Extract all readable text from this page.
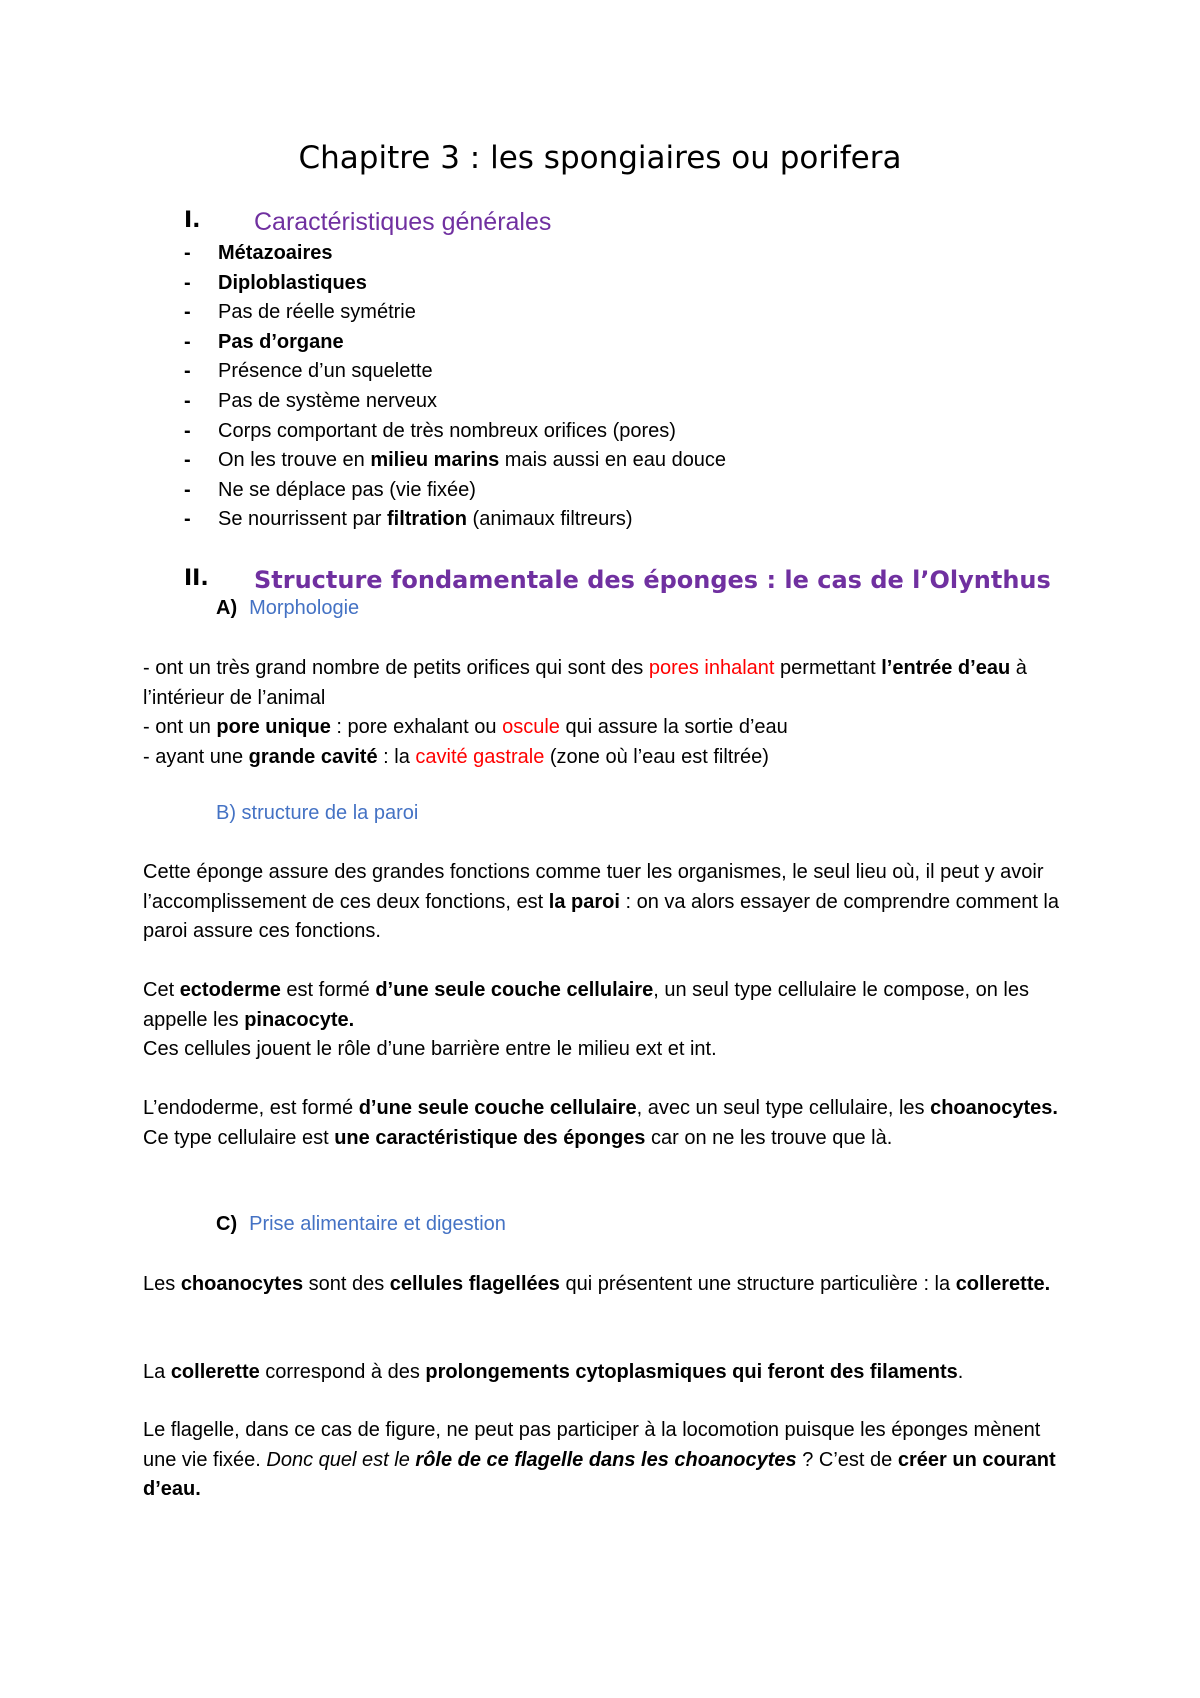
Chapitre 3 : les spongiaires ou porifera
I. Caractéristiques générales
- Métazoaires
- Diploblastiques
- Pas de réelle symétrie
- Pas d’organe
- Présence d’un squelette
- Pas de système nerveux
- Corps comportant de très nombreux orifices (pores)
- On les trouve en milieu marins mais aussi en eau douce
- Ne se déplace pas (vie fixée)
- Se nourrissent par filtration (animaux filtreurs)
II. Structure fondamentale des éponges : le cas de l’Olynthus
A) Morphologie

- ont un très grand nombre de petits orifices qui sont des pores inhalant permettant l’entrée d’eau à l’intérieur de l’animal
- ont un pore unique : pore exhalant ou oscule qui assure la sortie d’eau
- ayant une grande cavité : la cavité gastrale (zone où l’eau est filtrée)

B) structure de la paroi

Cette éponge assure des grandes fonctions comme tuer les organismes, le seul lieu où, il peut y avoir l’accomplissement de ces deux fonctions, est la paroi : on va alors essayer de comprendre comment la paroi assure ces fonctions.

Cet ectoderme est formé d’une seule couche cellulaire, un seul type cellulaire le compose, on les appelle les pinacocyte.
Ces cellules jouent le rôle d’une barrière entre le milieu ext et int.

L’endoderme, est formé d’une seule couche cellulaire, avec un seul type cellulaire, les choanocytes.
Ce type cellulaire est une caractéristique des éponges car on ne les trouve que là.

C) Prise alimentaire et digestion

Les choanocytes sont des cellules flagellées qui présentent une structure particulière : la collerette.

La collerette correspond à des prolongements cytoplasmiques qui feront des filaments.

Le flagelle, dans ce cas de figure, ne peut pas participer à la locomotion puisque les éponges mènent une vie fixée. Donc quel est le rôle de ce flagelle dans les choanocytes ? C’est de créer un courant d’eau.
